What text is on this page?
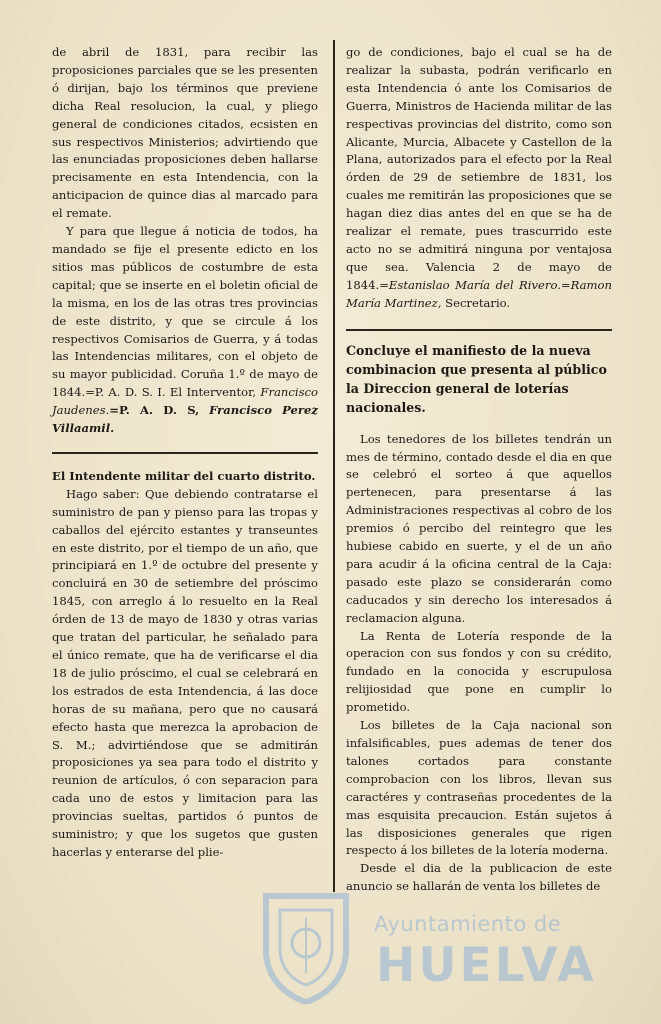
de abril de 1831, para recibir las proposiciones parciales que se les presenten ó dirijan, bajo los términos que previene dicha Real resolucion, la cual, y pliego general de condiciones citados, ecsisten en sus respectivos Ministerios; advirtiendo que las enunciadas proposiciones deben hallarse precisamente en esta Intendencia, con la anticipacion de quince dias al marcado para el remate.

Y para que llegue á noticia de todos, ha mandado se fije el presente edicto en los sitios mas públicos de costumbre de esta capital; que se inserte en el boletin oficial de la misma, en los de las otras tres provincias de este distrito, y que se circule á los respectivos Comisarios de Guerra, y á todas las Intendencias militares, con el objeto de su mayor publicidad. Coruña 1.º de mayo de 1844.=P. A. D. S. I. El Interventor, Francisco Jaudenes.=P. A. D. S, Francisco Perez Villaamil.

El Intendente militar del cuarto distrito.

Hago saber: Que debiendo contratarse el suministro de pan y pienso para las tropas y caballos del ejército estantes y transeuntes en este distrito, por el tiempo de un año, que principiará en 1.º de octubre del presente y concluirá en 30 de setiembre del próscimo 1845, con arreglo á lo resuelto en la Real órden de 13 de mayo de 1830 y otras varias que tratan del particular, he señalado para el único remate, que ha de verificarse el dia 18 de julio próscimo, el cual se celebrará en los estrados de esta Intendencia, á las doce horas de su mañana, pero que no causará efecto hasta que merezca la aprobacion de S. M.; advirtiéndose que se admitirán proposiciones ya sea para todo el distrito y reunion de artículos, ó con separacion para cada uno de estos y limitacion para las provincias sueltas, partidos ó puntos de suministro; y que los sugetos que gusten hacerlas y enterarse del plie-

go de condiciones, bajo el cual se ha de realizar la subasta, podrán verificarlo en esta Intendencia ó ante los Comisarios de Guerra, Ministros de Hacienda militar de las respectivas provincias del distrito, como son Alicante, Murcia, Albacete y Castellon de la Plana, autorizados para el efecto por la Real órden de 29 de setiembre de 1831, los cuales me remitirán las proposiciones que se hagan diez dias antes del en que se ha de realizar el remate, pues trascurrido este acto no se admitirá ninguna por ventajosa que sea. Valencia 2 de mayo de 1844.=Estanislao María del Rivero.=Ramon María Martinez, Secretario.

Concluye el manifiesto de la nueva combinacion que presenta al público la Direccion general de loterías nacionales.

Los tenedores de los billetes tendrán un mes de término, contado desde el dia en que se celebró el sorteo á que aquellos pertenecen, para presentarse á las Administraciones respectivas al cobro de los premios ó percibo del reintegro que les hubiese cabido en suerte, y el de un año para acudir á la oficina central de la Caja: pasado este plazo se considerarán como caducados y sin derecho los interesados á reclamacion alguna.

La Renta de Lotería responde de la operacion con sus fondos y con su crédito, fundado en la conocida y escrupulosa relijiosidad que pone en cumplir lo prometido.

Los billetes de la Caja nacional son infalsificables, pues ademas de tener dos talones cortados para constante comprobacion con los libros, llevan sus caractéres y contraseñas procedentes de la mas esquisita precaucion. Están sujetos á las disposiciones generales que rigen respecto á los billetes de la lotería moderna.

Desde el dia de la publicacion de este anuncio se hallarán de venta los billetes de

Ayuntamiento de
HUELVA
